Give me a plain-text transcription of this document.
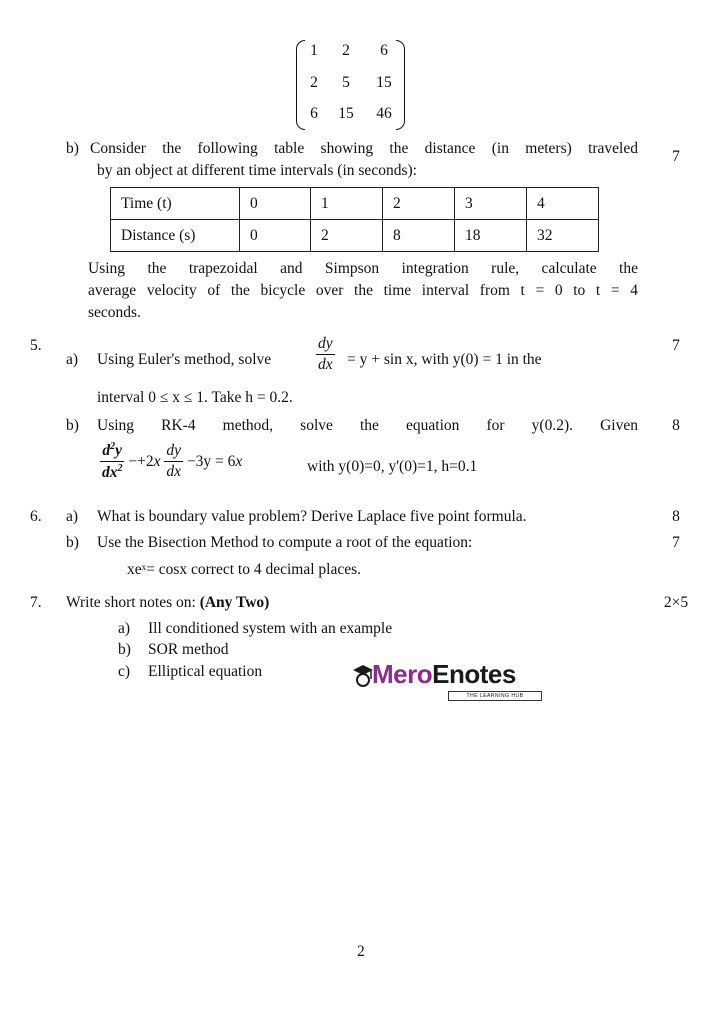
1	2	6
2	5	15
6	15	46
b) Consider the following table showing the distance (in meters) traveled
by an object at different time intervals (in seconds):
7
Time (t)	0	1	2	3	4
Distance (s)	0	2	8	18	32
Using the trapezoidal and Simpson integration rule, calculate the
average velocity of the bicycle over the time interval from t = 0 to t = 4
seconds.
5.	7
a) Using Euler's method, solve	$\frac{dy}{dx} = y + \sin x$, with y(0) = 1 in the
interval 0 ≤ x ≤ 1. Take h = 0.2.
b) Using RK-4 method, solve the equation for y(0.2). Given	8
$\frac{d^2y}{dx^2} -+2x \frac{dy}{dx} -3y = 6x$	with y(0)=0, y'(0)=1, h=0.1
6. a) What is boundary value problem? Derive Laplace five point formula.	8
b) Use the Bisection Method to compute a root of the equation:	7
xeˣ= cosx correct to 4 decimal places.
7. Write short notes on: (Any Two)	2×5
a) Ill conditioned system with an example
b) SOR method
c) Elliptical equation	MeroEnotes
THE LEARNING HUB
2
